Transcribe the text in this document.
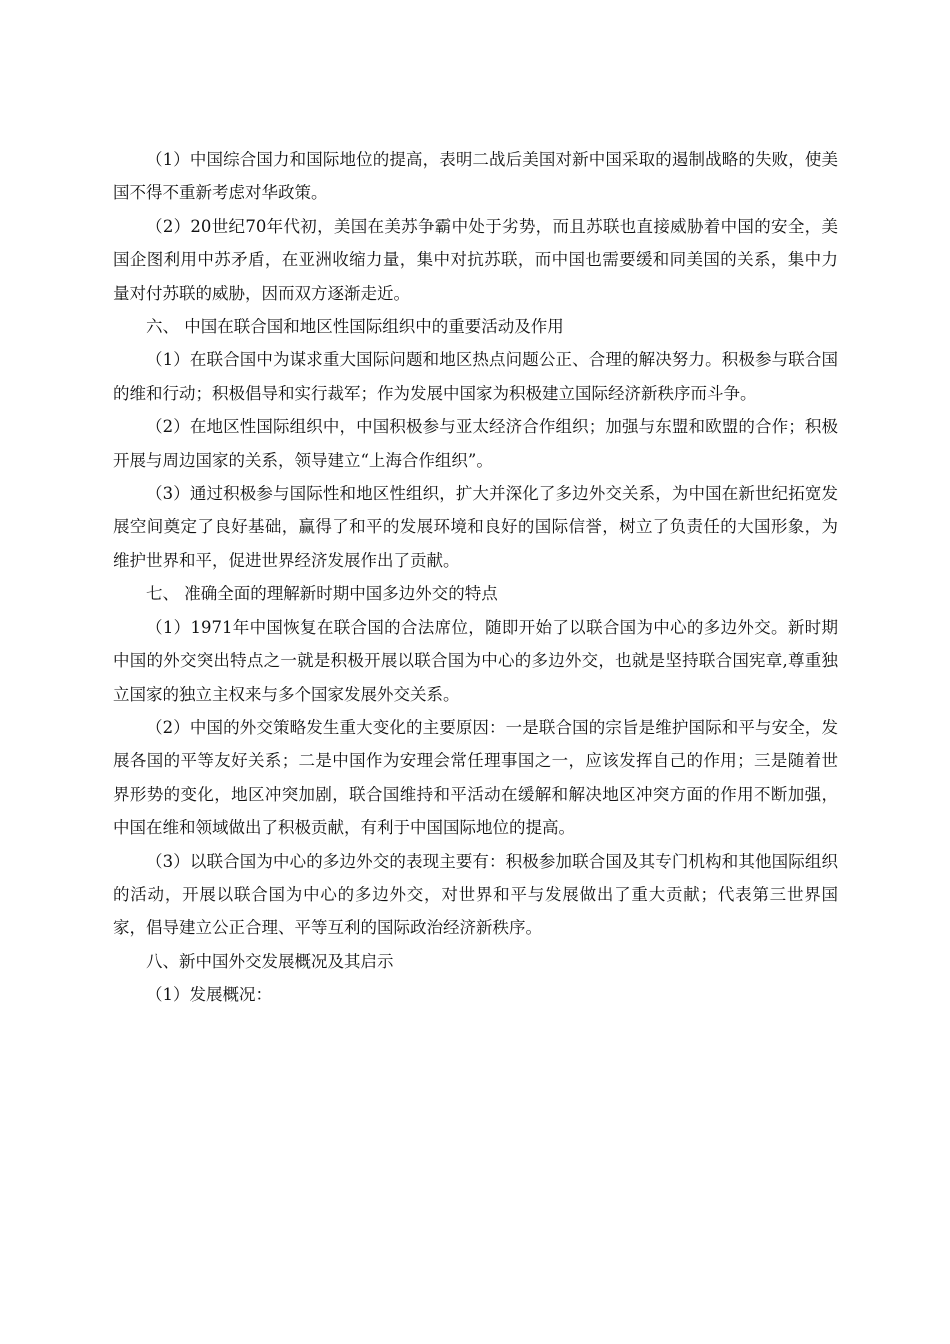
（1）中国综合国力和国际地位的提高，表明二战后美国对新中国采取的遏制战略的失败，使美国不得不重新考虑对华政策。

（2）20世纪70年代初，美国在美苏争霸中处于劣势，而且苏联也直接威胁着中国的安全，美国企图利用中苏矛盾，在亚洲收缩力量，集中对抗苏联，而中国也需要缓和同美国的关系，集中力量对付苏联的威胁，因而双方逐渐走近。

六、 中国在联合国和地区性国际组织中的重要活动及作用

（1）在联合国中为谋求重大国际问题和地区热点问题公正、合理的解决努力。积极参与联合国的维和行动；积极倡导和实行裁军；作为发展中国家为积极建立国际经济新秩序而斗争。

（2）在地区性国际组织中，中国积极参与亚太经济合作组织；加强与东盟和欧盟的合作；积极开展与周边国家的关系，领导建立“上海合作组织”。

（3）通过积极参与国际性和地区性组织，扩大并深化了多边外交关系，为中国在新世纪拓宽发展空间奠定了良好基础，赢得了和平的发展环境和良好的国际信誉，树立了负责任的大国形象，为维护世界和平，促进世界经济发展作出了贡献。

七、 准确全面的理解新时期中国多边外交的特点

（1）1971年中国恢复在联合国的合法席位，随即开始了以联合国为中心的多边外交。新时期中国的外交突出特点之一就是积极开展以联合国为中心的多边外交，也就是坚持联合国宪章,尊重独立国家的独立主权来与多个国家发展外交关系。

（2）中国的外交策略发生重大变化的主要原因：一是联合国的宗旨是维护国际和平与安全，发展各国的平等友好关系；二是中国作为安理会常任理事国之一，应该发挥自己的作用；三是随着世界形势的变化，地区冲突加剧，联合国维持和平活动在缓解和解决地区冲突方面的作用不断加强，中国在维和领域做出了积极贡献，有利于中国国际地位的提高。

（3）以联合国为中心的多边外交的表现主要有：积极参加联合国及其专门机构和其他国际组织的活动，开展以联合国为中心的多边外交，对世界和平与发展做出了重大贡献；代表第三世界国家，倡导建立公正合理、平等互利的国际政治经济新秩序。

八、新中国外交发展概况及其启示

（1）发展概况：
